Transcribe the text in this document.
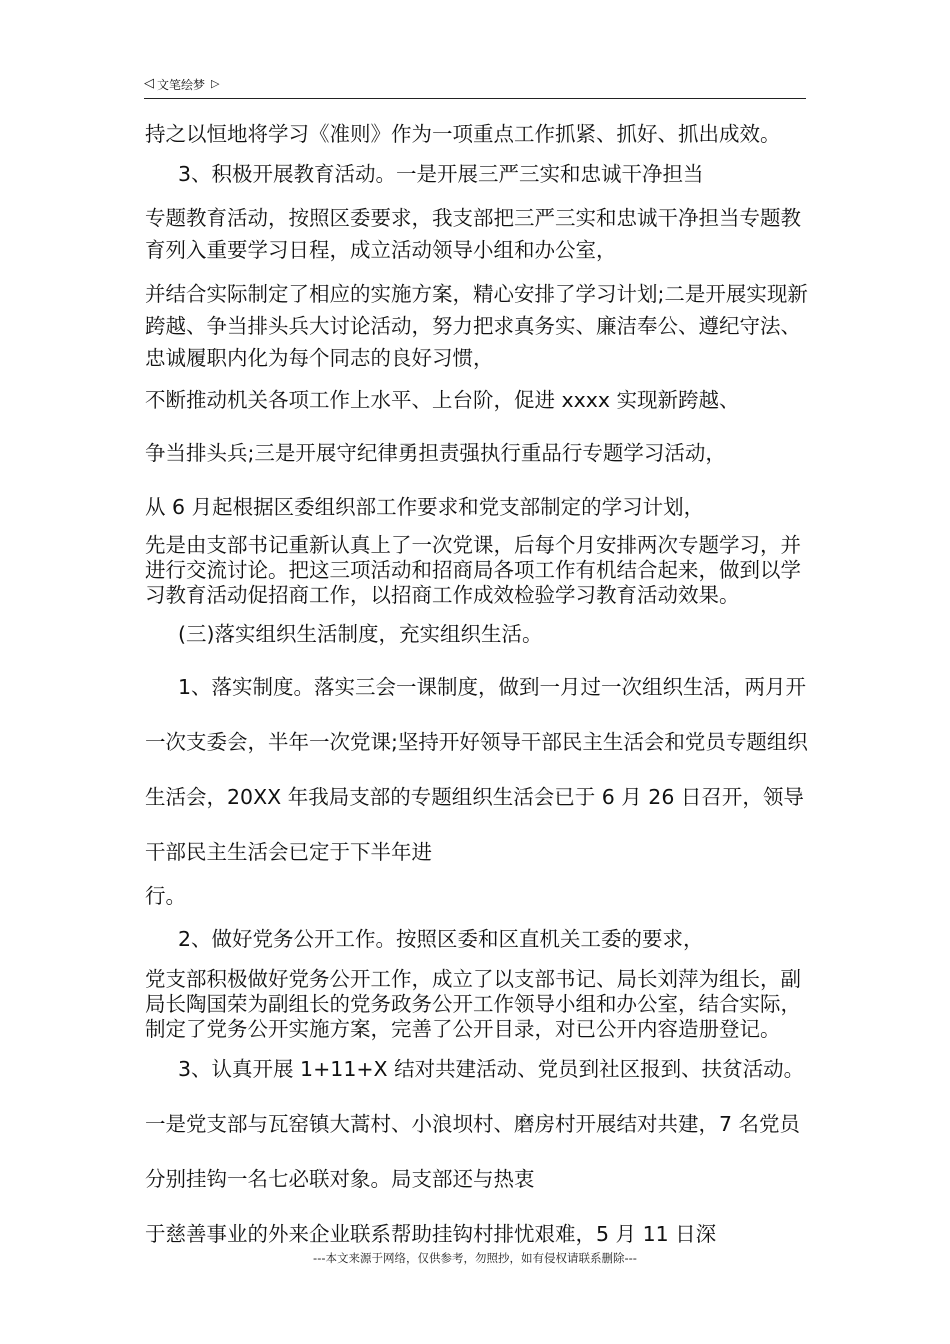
◁ 文笔绘梦 ▷

持之以恒地将学习《准则》作为一项重点工作抓紧、抓好、抓出成效。

3、积极开展教育活动。一是开展三严三实和忠诚干净担当

专题教育活动，按照区委要求，我支部把三严三实和忠诚干净担当专题教育列入重要学习日程，成立活动领导小组和办公室，

并结合实际制定了相应的实施方案，精心安排了学习计划;二是开展实现新跨越、争当排头兵大讨论活动，努力把求真务实、廉洁奉公、遵纪守法、忠诚履职内化为每个同志的良好习惯，

不断推动机关各项工作上水平、上台阶，促进 xxxx 实现新跨越、

争当排头兵;三是开展守纪律勇担责强执行重品行专题学习活动，

从 6 月起根据区委组织部工作要求和党支部制定的学习计划，

先是由支部书记重新认真上了一次党课，后每个月安排两次专题学习，并进行交流讨论。把这三项活动和招商局各项工作有机结合起来，做到以学习教育活动促招商工作，以招商工作成效检验学习教育活动效果。

(三)落实组织生活制度，充实组织生活。

1、落实制度。落实三会一课制度，做到一月过一次组织生活，两月开一次支委会，半年一次党课;坚持开好领导干部民主生活会和党员专题组织生活会，20XX 年我局支部的专题组织生活会已于 6 月 26 日召开，领导干部民主生活会已定于下半年进

行。

2、做好党务公开工作。按照区委和区直机关工委的要求，

党支部积极做好党务公开工作，成立了以支部书记、局长刘萍为组长，副局长陶国荣为副组长的党务政务公开工作领导小组和办公室，结合实际，制定了党务公开实施方案，完善了公开目录，对已公开内容造册登记。

3、认真开展 1+11+X 结对共建活动、党员到社区报到、扶贫活动。一是党支部与瓦窑镇大蒿村、小浪坝村、磨房村开展结对共建，7 名党员分别挂钩一名七必联对象。局支部还与热衷

于慈善事业的外来企业联系帮助挂钩村排忧艰难，5 月 11 日深

---本文来源于网络，仅供参考，勿照抄，如有侵权请联系删除---
